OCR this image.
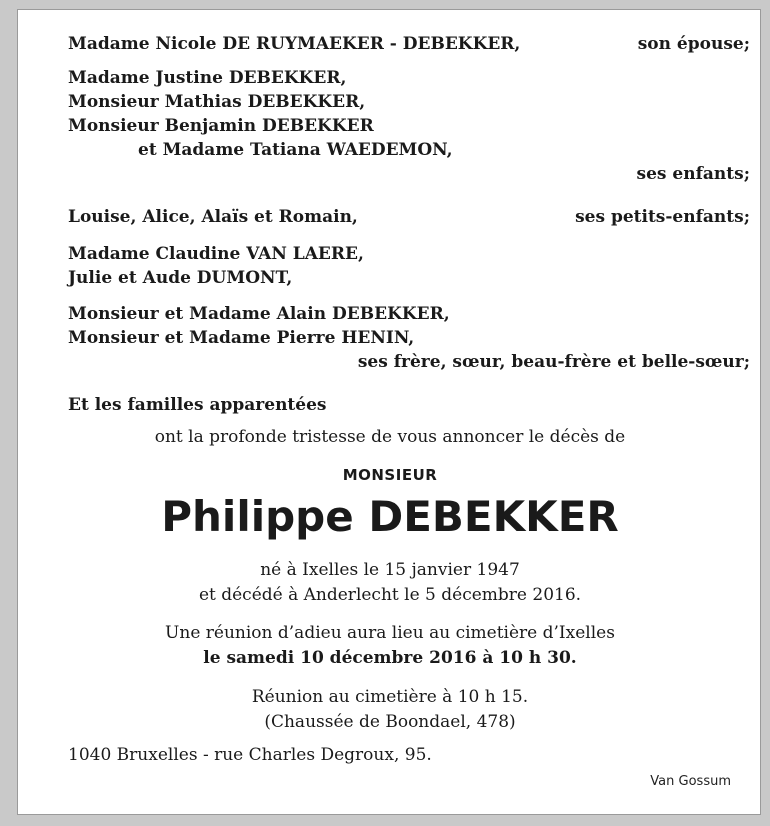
Madame Nicole DE RUYMAEKER - DEBEKKER,	son épouse;
Madame Justine DEBEKKER,
Monsieur Mathias DEBEKKER,
Monsieur Benjamin DEBEKKER
et Madame Tatiana WAEDEMON,
ses enfants;
Louise, Alice, Alaïs et Romain,	ses petits-enfants;
Madame Claudine VAN LAERE,
Julie et Aude DUMONT,
Monsieur et Madame Alain DEBEKKER,
Monsieur et Madame Pierre HENIN,
ses frère, sœur, beau-frère et belle-sœur;
Et les familles apparentées
ont la profonde tristesse de vous annoncer le décès de
MONSIEUR
Philippe DEBEKKER
né à Ixelles le 15 janvier 1947
et décédé à Anderlecht le 5 décembre 2016.
Une réunion d’adieu aura lieu au cimetière d’Ixelles
le samedi 10 décembre 2016 à 10 h 30.
Réunion au cimetière à 10 h 15.
(Chaussée de Boondael, 478)
1040 Bruxelles - rue Charles Degroux, 95.
Van Gossum
